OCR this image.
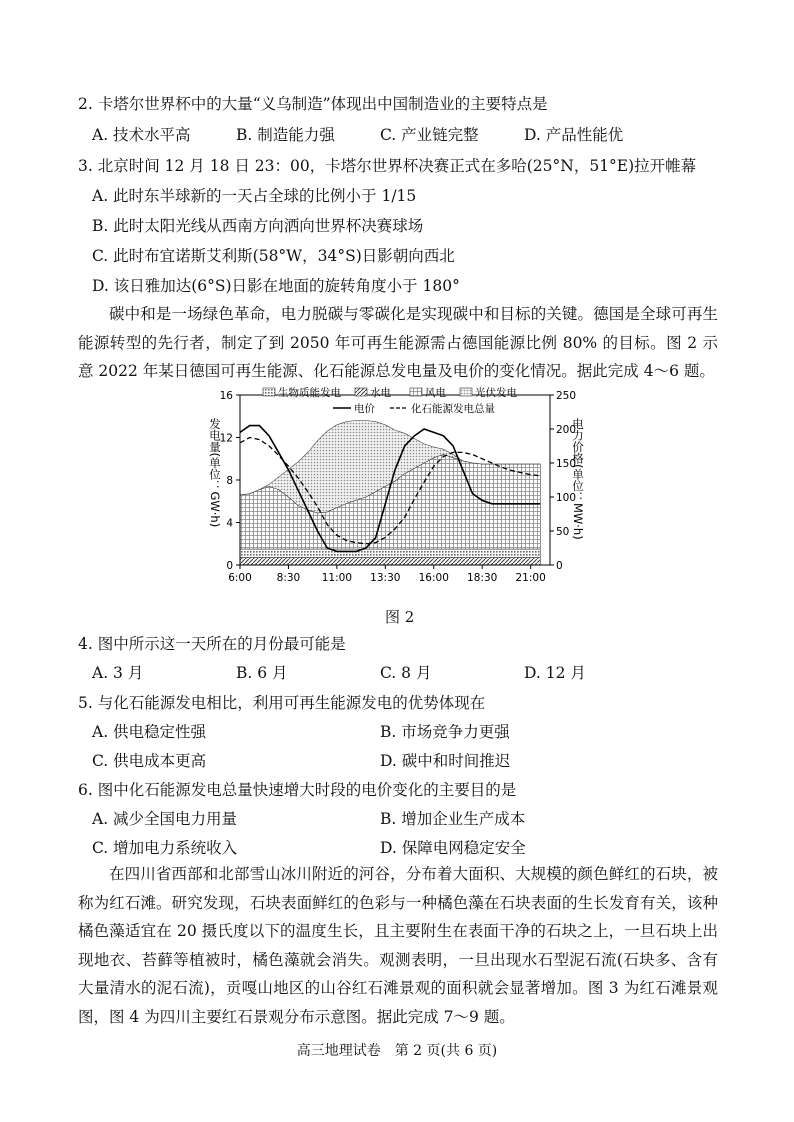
2. 卡塔尔世界杯中的大量“义乌制造”体现出中国制造业的主要特点是
A. 技术水平高	B. 制造能力强	C. 产业链完整	D. 产品性能优
3. 北京时间 12 月 18 日 23：00，卡塔尔世界杯决赛正式在多哈(25°N，51°E)拉开帷幕
A. 此时东半球新的一天占全球的比例小于 1/15
B. 此时太阳光线从西南方向洒向世界杯决赛球场
C. 此时布宜诺斯艾利斯(58°W，34°S)日影朝向西北
D. 该日雅加达(6°S)日影在地面的旋转角度小于 180°
碳中和是一场绿色革命，电力脱碳与零碳化是实现碳中和目标的关键。德国是全球可再生能源转型的先行者，制定了到 2050 年可再生能源需占德国能源比例 80% 的目标。图 2 示意 2022 年某日德国可再生能源、化石能源总发电量及电价的变化情况。据此完成 4～6 题。
0
4
8
12
16
0
50
100
150
200
250
6:00 8:30 11:00 13:30 16:00 18:30 21:00
发电量(单位：GW·h)	电力价格(单位：MW·h)
生物质能发电	水电	风电	光伏发电
电价	化石能源发电总量
图 2
4. 图中所示这一天所在的月份最可能是
A. 3 月	B. 6 月	C. 8 月	D. 12 月
5. 与化石能源发电相比，利用可再生能源发电的优势体现在
A. 供电稳定性强	B. 市场竞争力更强
C. 供电成本更高	D. 碳中和时间推迟
6. 图中化石能源发电总量快速增大时段的电价变化的主要目的是
A. 减少全国电力用量	B. 增加企业生产成本
C. 增加电力系统收入	D. 保障电网稳定安全
在四川省西部和北部雪山冰川附近的河谷，分布着大面积、大规模的颜色鲜红的石块，被称为红石滩。研究发现，石块表面鲜红的色彩与一种橘色藻在石块表面的生长发育有关，该种橘色藻适宜在 20 摄氏度以下的温度生长，且主要附生在表面干净的石块之上，一旦石块上出现地衣、苔藓等植被时，橘色藻就会消失。观测表明，一旦出现水石型泥石流(石块多、含有大量清水的泥石流)，贡嘎山地区的山谷红石滩景观的面积就会显著增加。图 3 为红石滩景观图，图 4 为四川主要红石景观分布示意图。据此完成 7～9 题。
高三地理试卷　第 2 页(共 6 页)
